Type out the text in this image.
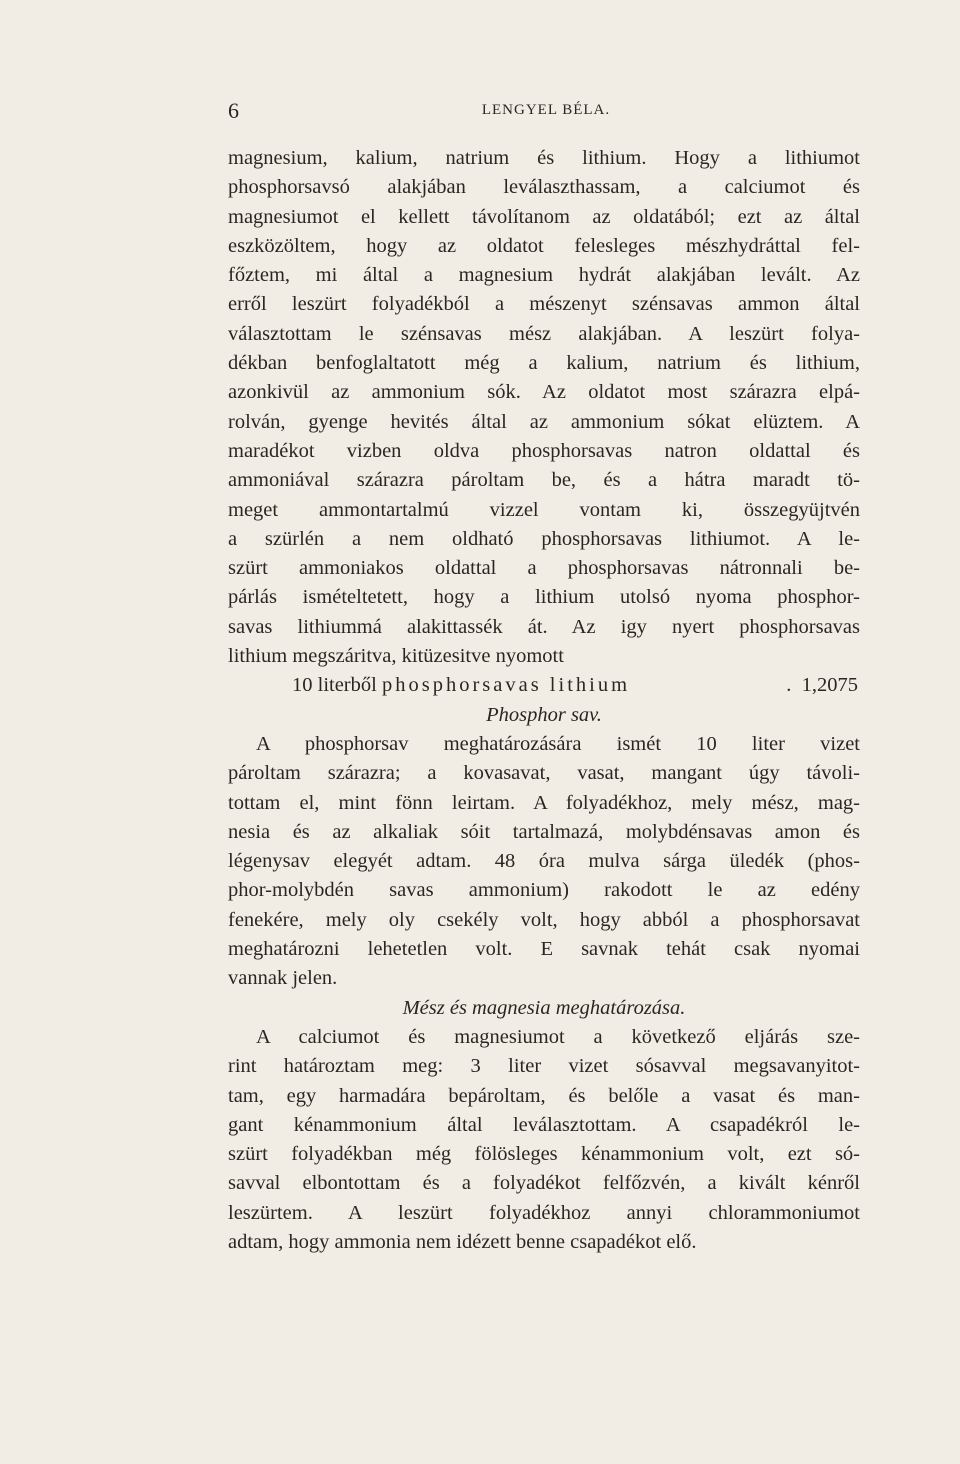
6	LENGYEL BÉLA.
magnesium, kalium, natrium és lithium. Hogy a lithiumot
phosphorsavsó alakjában leválaszthassam, a calciumot és
magnesiumot el kellett távolítanom az oldatából; ezt az által
eszközöltem, hogy az oldatot felesleges mészhydráttal fel-
főztem, mi által a magnesium hydrát alakjában levált. Az
erről leszürt folyadékból a mészenyt szénsavas ammon által
választottam le szénsavas mész alakjában. A leszürt folya-
dékban benfoglaltatott még a kalium, natrium és lithium,
azonkivül az ammonium sók. Az oldatot most szárazra elpá-
rolván, gyenge hevités által az ammonium sókat elüztem. A
maradékot vizben oldva phosphorsavas natron oldattal és
ammoniával szárazra pároltam be, és a hátra maradt tö-
meget ammontartalmú vizzel vontam ki, összegyüjtvén
a szürlén a nem oldható phosphorsavas lithiumot. A le-
szürt ammoniakos oldattal a phosphorsavas nátronnali be-
párlás ismételtetett, hogy a lithium utolsó nyoma phosphor-
savas lithiummá alakittassék át. Az igy nyert phosphorsavas
lithium megszáritva, kitüzesitve nyomott
10 literből phosphorsavas lithium	. 1,2075
Phosphor sav.
A phosphorsav meghatározására ismét 10 liter vizet
pároltam szárazra; a kovasavat, vasat, mangant úgy távoli-
tottam el, mint fönn leirtam. A folyadékhoz, mely mész, mag-
nesia és az alkaliak sóit tartalmazá, molybdénsavas amon és
légenysav elegyét adtam. 48 óra mulva sárga üledék (phos-
phor-molybdén savas ammonium) rakodott le az edény
fenekére, mely oly csekély volt, hogy abból a phosphorsavat
meghatározni lehetetlen volt. E savnak tehát csak nyomai
vannak jelen.
Mész és magnesia meghatározása.
A calciumot és magnesiumot a következő eljárás sze-
rint határoztam meg: 3 liter vizet sósavval megsavanyitot-
tam, egy harmadára bepároltam, és belőle a vasat és man-
gant kénammonium által leválasztottam. A csapadékról le-
szürt folyadékban még fölösleges kénammonium volt, ezt só-
savval elbontottam és a folyadékot felfőzvén, a kivált kénről
leszürtem. A leszürt folyadékhoz annyi chlorammoniumot
adtam, hogy ammonia nem idézett benne csapadékot elő.
